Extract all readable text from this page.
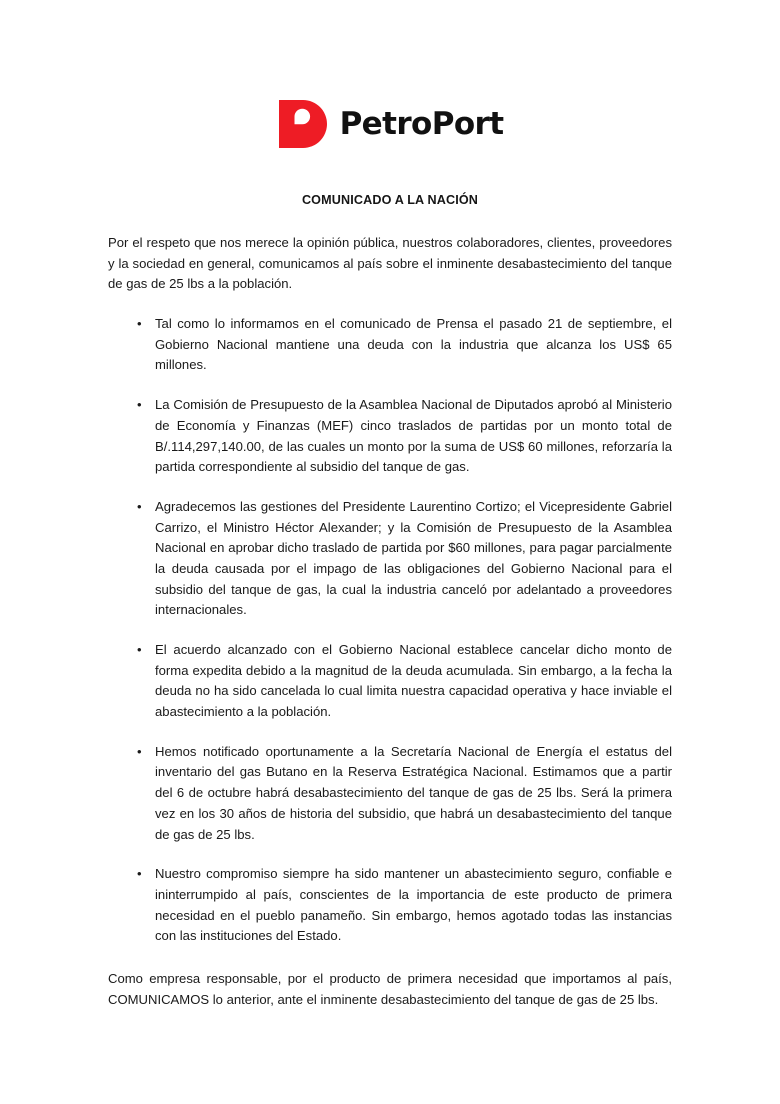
PetroPort
COMUNICADO A LA NACIÓN

Por el respeto que nos merece la opinión pública, nuestros colaboradores, clientes, proveedores y la sociedad en general, comunicamos al país sobre el inminente desabastecimiento del tanque de gas de 25 lbs a la población.

• Tal como lo informamos en el comunicado de Prensa el pasado 21 de septiembre, el Gobierno Nacional mantiene una deuda con la industria que alcanza los US$ 65 millones.
• La Comisión de Presupuesto de la Asamblea Nacional de Diputados aprobó al Ministerio de Economía y Finanzas (MEF) cinco traslados de partidas por un monto total de B/.114,297,140.00, de las cuales un monto por la suma de US$ 60 millones, reforzaría la partida correspondiente al subsidio del tanque de gas.
• Agradecemos las gestiones del Presidente Laurentino Cortizo; el Vicepresidente Gabriel Carrizo, el Ministro Héctor Alexander; y la Comisión de Presupuesto de la Asamblea Nacional en aprobar dicho traslado de partida por $60 millones, para pagar parcialmente la deuda causada por el impago de las obligaciones del Gobierno Nacional para el subsidio del tanque de gas, la cual la industria canceló por adelantado a proveedores internacionales.
• El acuerdo alcanzado con el Gobierno Nacional establece cancelar dicho monto de forma expedita debido a la magnitud de la deuda acumulada. Sin embargo, a la fecha la deuda no ha sido cancelada lo cual limita nuestra capacidad operativa y hace inviable el abastecimiento a la población.
• Hemos notificado oportunamente a la Secretaría Nacional de Energía el estatus del inventario del gas Butano en la Reserva Estratégica Nacional. Estimamos que a partir del 6 de octubre habrá desabastecimiento del tanque de gas de 25 lbs. Será la primera vez en los 30 años de historia del subsidio, que habrá un desabastecimiento del tanque de gas de 25 lbs.
• Nuestro compromiso siempre ha sido mantener un abastecimiento seguro, confiable e ininterrumpido al país, conscientes de la importancia de este producto de primera necesidad en el pueblo panameño. Sin embargo, hemos agotado todas las instancias con las instituciones del Estado.

Como empresa responsable, por el producto de primera necesidad que importamos al país, COMUNICAMOS lo anterior, ante el inminente desabastecimiento del tanque de gas de 25 lbs.
